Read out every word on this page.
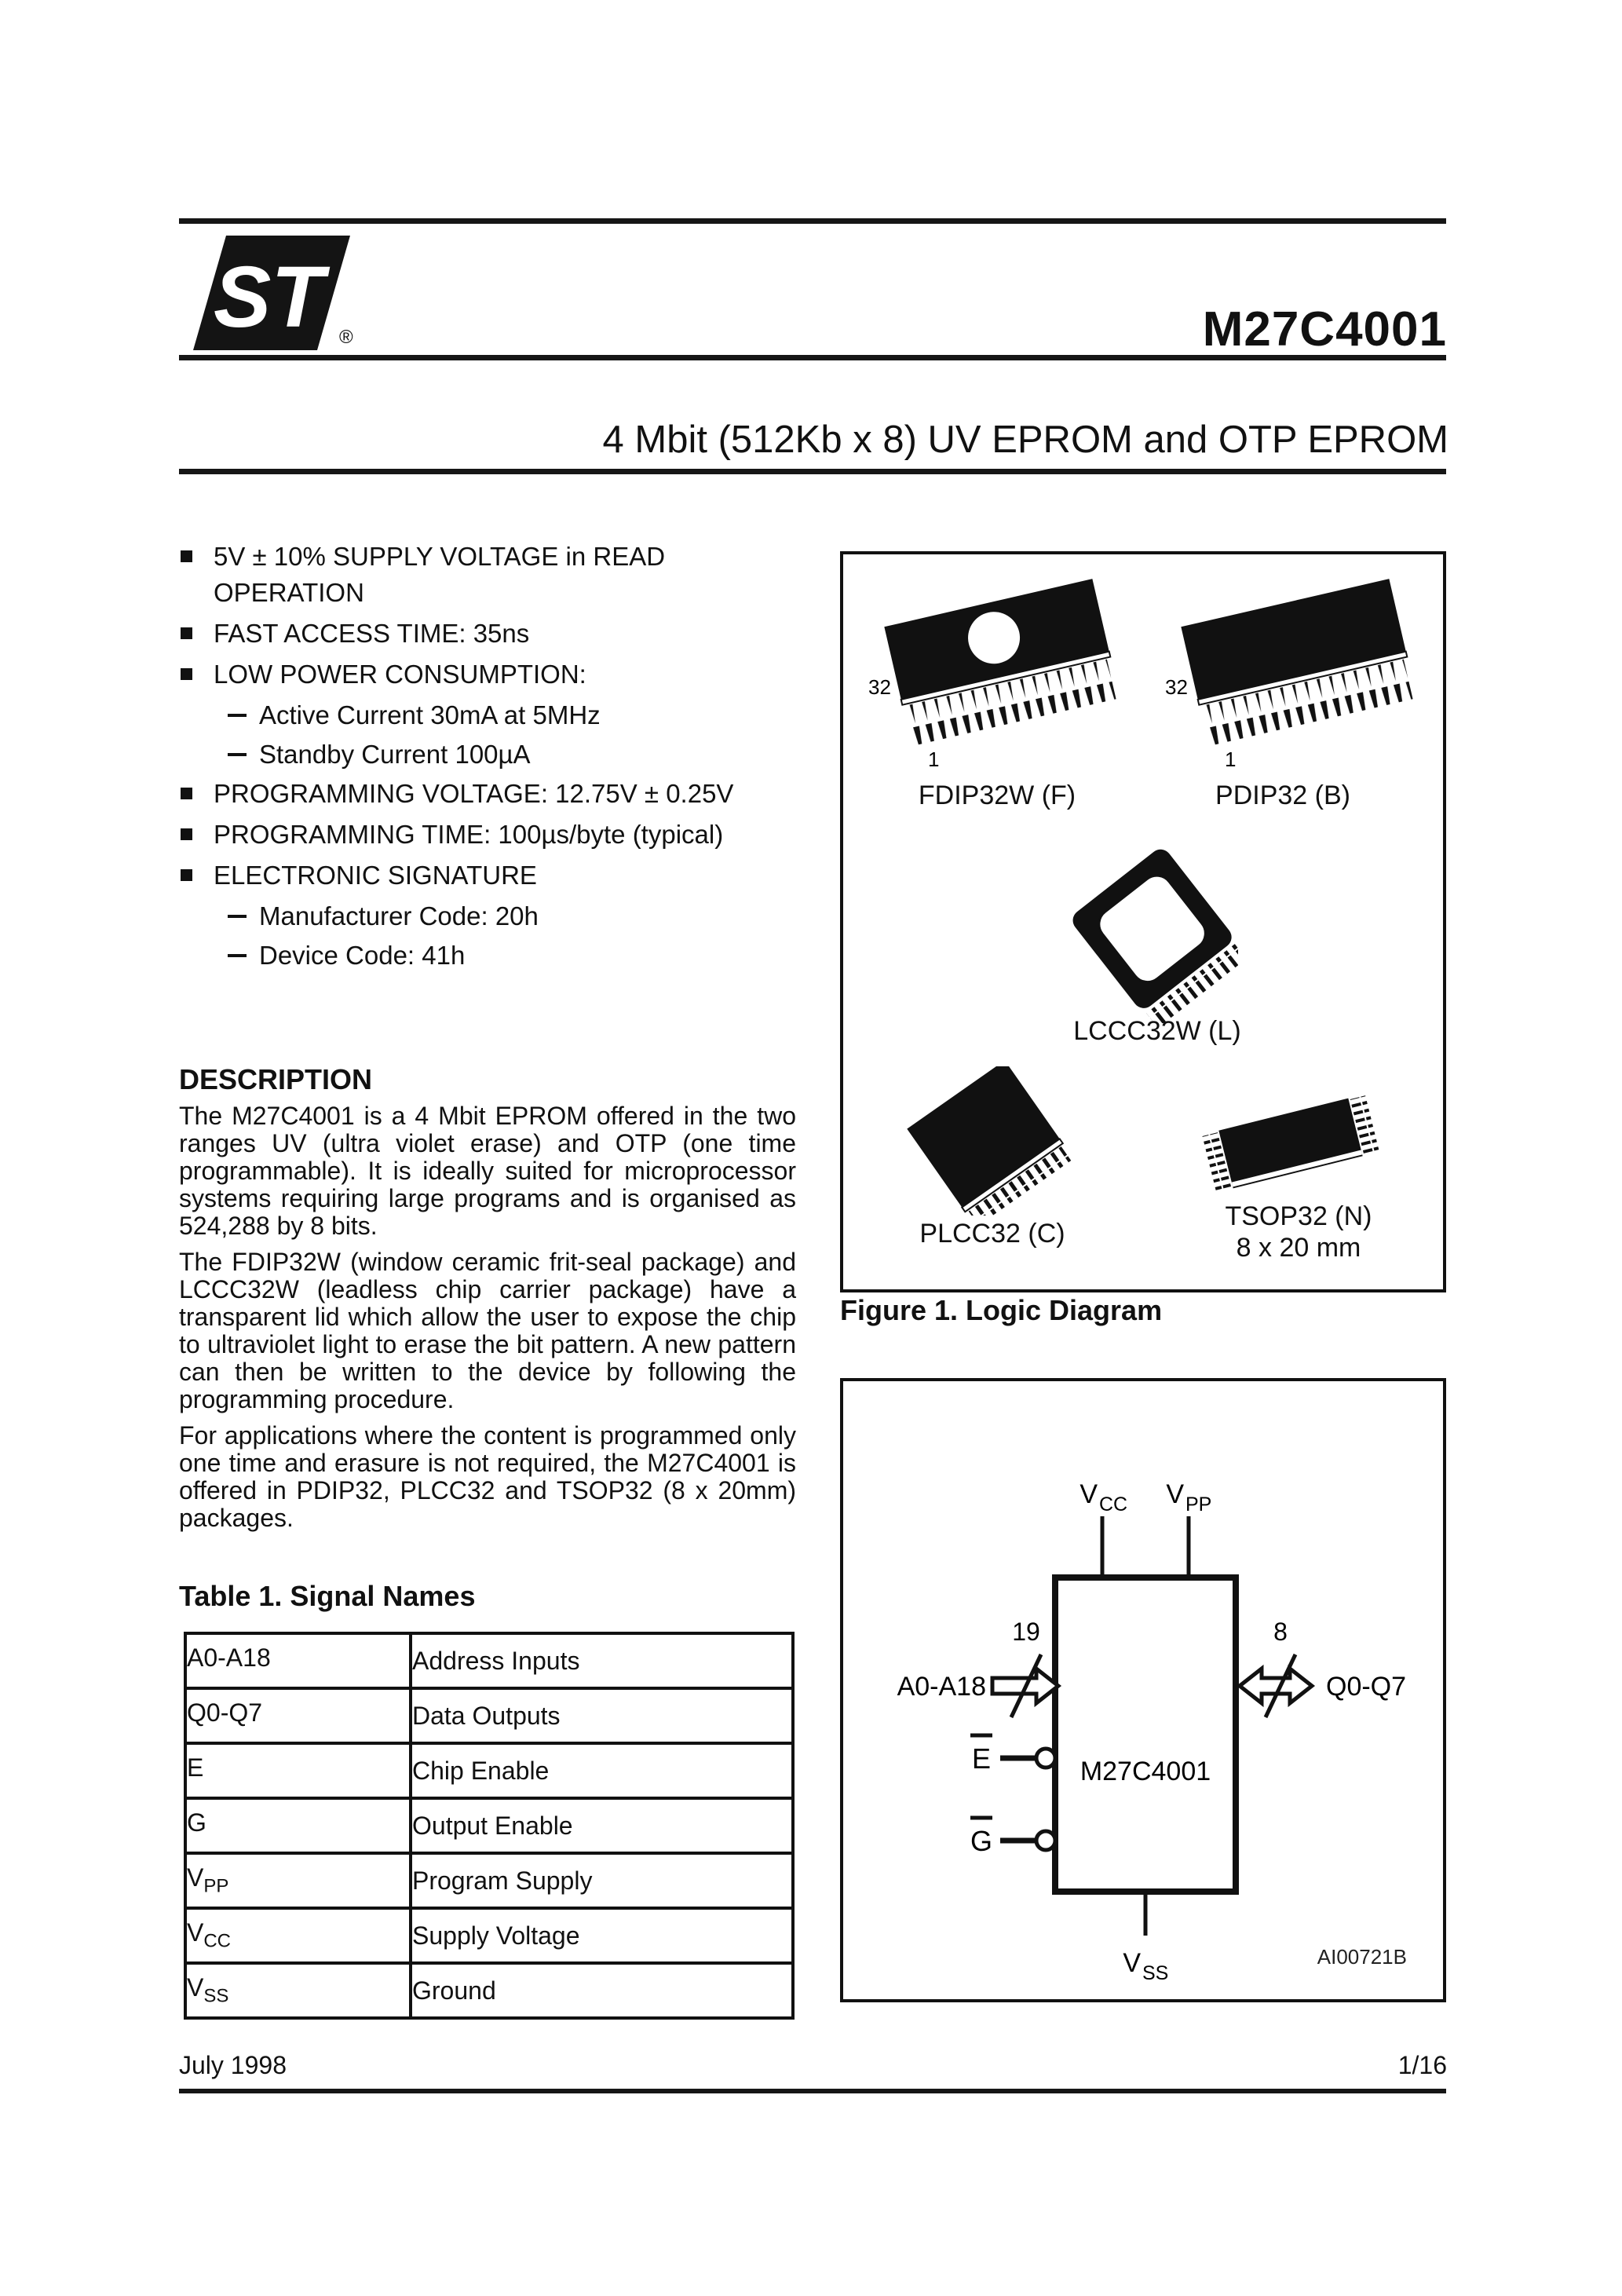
ST ®	M27C4001
4 Mbit (512Kb x 8) UV EPROM and OTP EPROM
5V ± 10% SUPPLY VOLTAGE in READ OPERATION
FAST ACCESS TIME: 35ns
LOW POWER CONSUMPTION:
Active Current 30mA at 5MHz
Standby Current 100µA
PROGRAMMING VOLTAGE: 12.75V ± 0.25V
PROGRAMMING TIME: 100µs/byte (typical)
ELECTRONIC SIGNATURE
Manufacturer Code: 20h
Device Code: 41h
DESCRIPTION

The M27C4001 is a 4 Mbit EPROM offered in the two ranges UV (ultra violet erase) and OTP (one time programmable). It is ideally suited for microprocessor systems requiring large programs and is organised as 524,288 by 8 bits.

The FDIP32W (window ceramic frit-seal package) and LCCC32W (leadless chip carrier package) have a transparent lid which allow the user to expose the chip to ultraviolet light to erase the bit pattern. A new pattern can then be written to the device by following the programming procedure.

For applications where the content is programmed only one time and erasure is not required, the M27C4001 is offered in PDIP32, PLCC32 and TSOP32 (8 x 20mm) packages.

Table 1. Signal Names
A0-A18	Address Inputs
Q0-Q7	Data Outputs
E	Chip Enable
G	Output Enable
$V_{PP}$	Program Supply
$V_{CC}$	Supply Voltage
$V_{SS}$	Ground
32
1
FDIP32W (F)
32
1
PDIP32 (B)
LCCC32W (L)
PLCC32 (C)
TSOP32 (N)
8 x 20 mm
Figure 1. Logic Diagram
M27C4001
V CC V PP
19
A0-A18
8
Q0-Q7
E
G
V SS
AI00721B
July 1998	1/16
